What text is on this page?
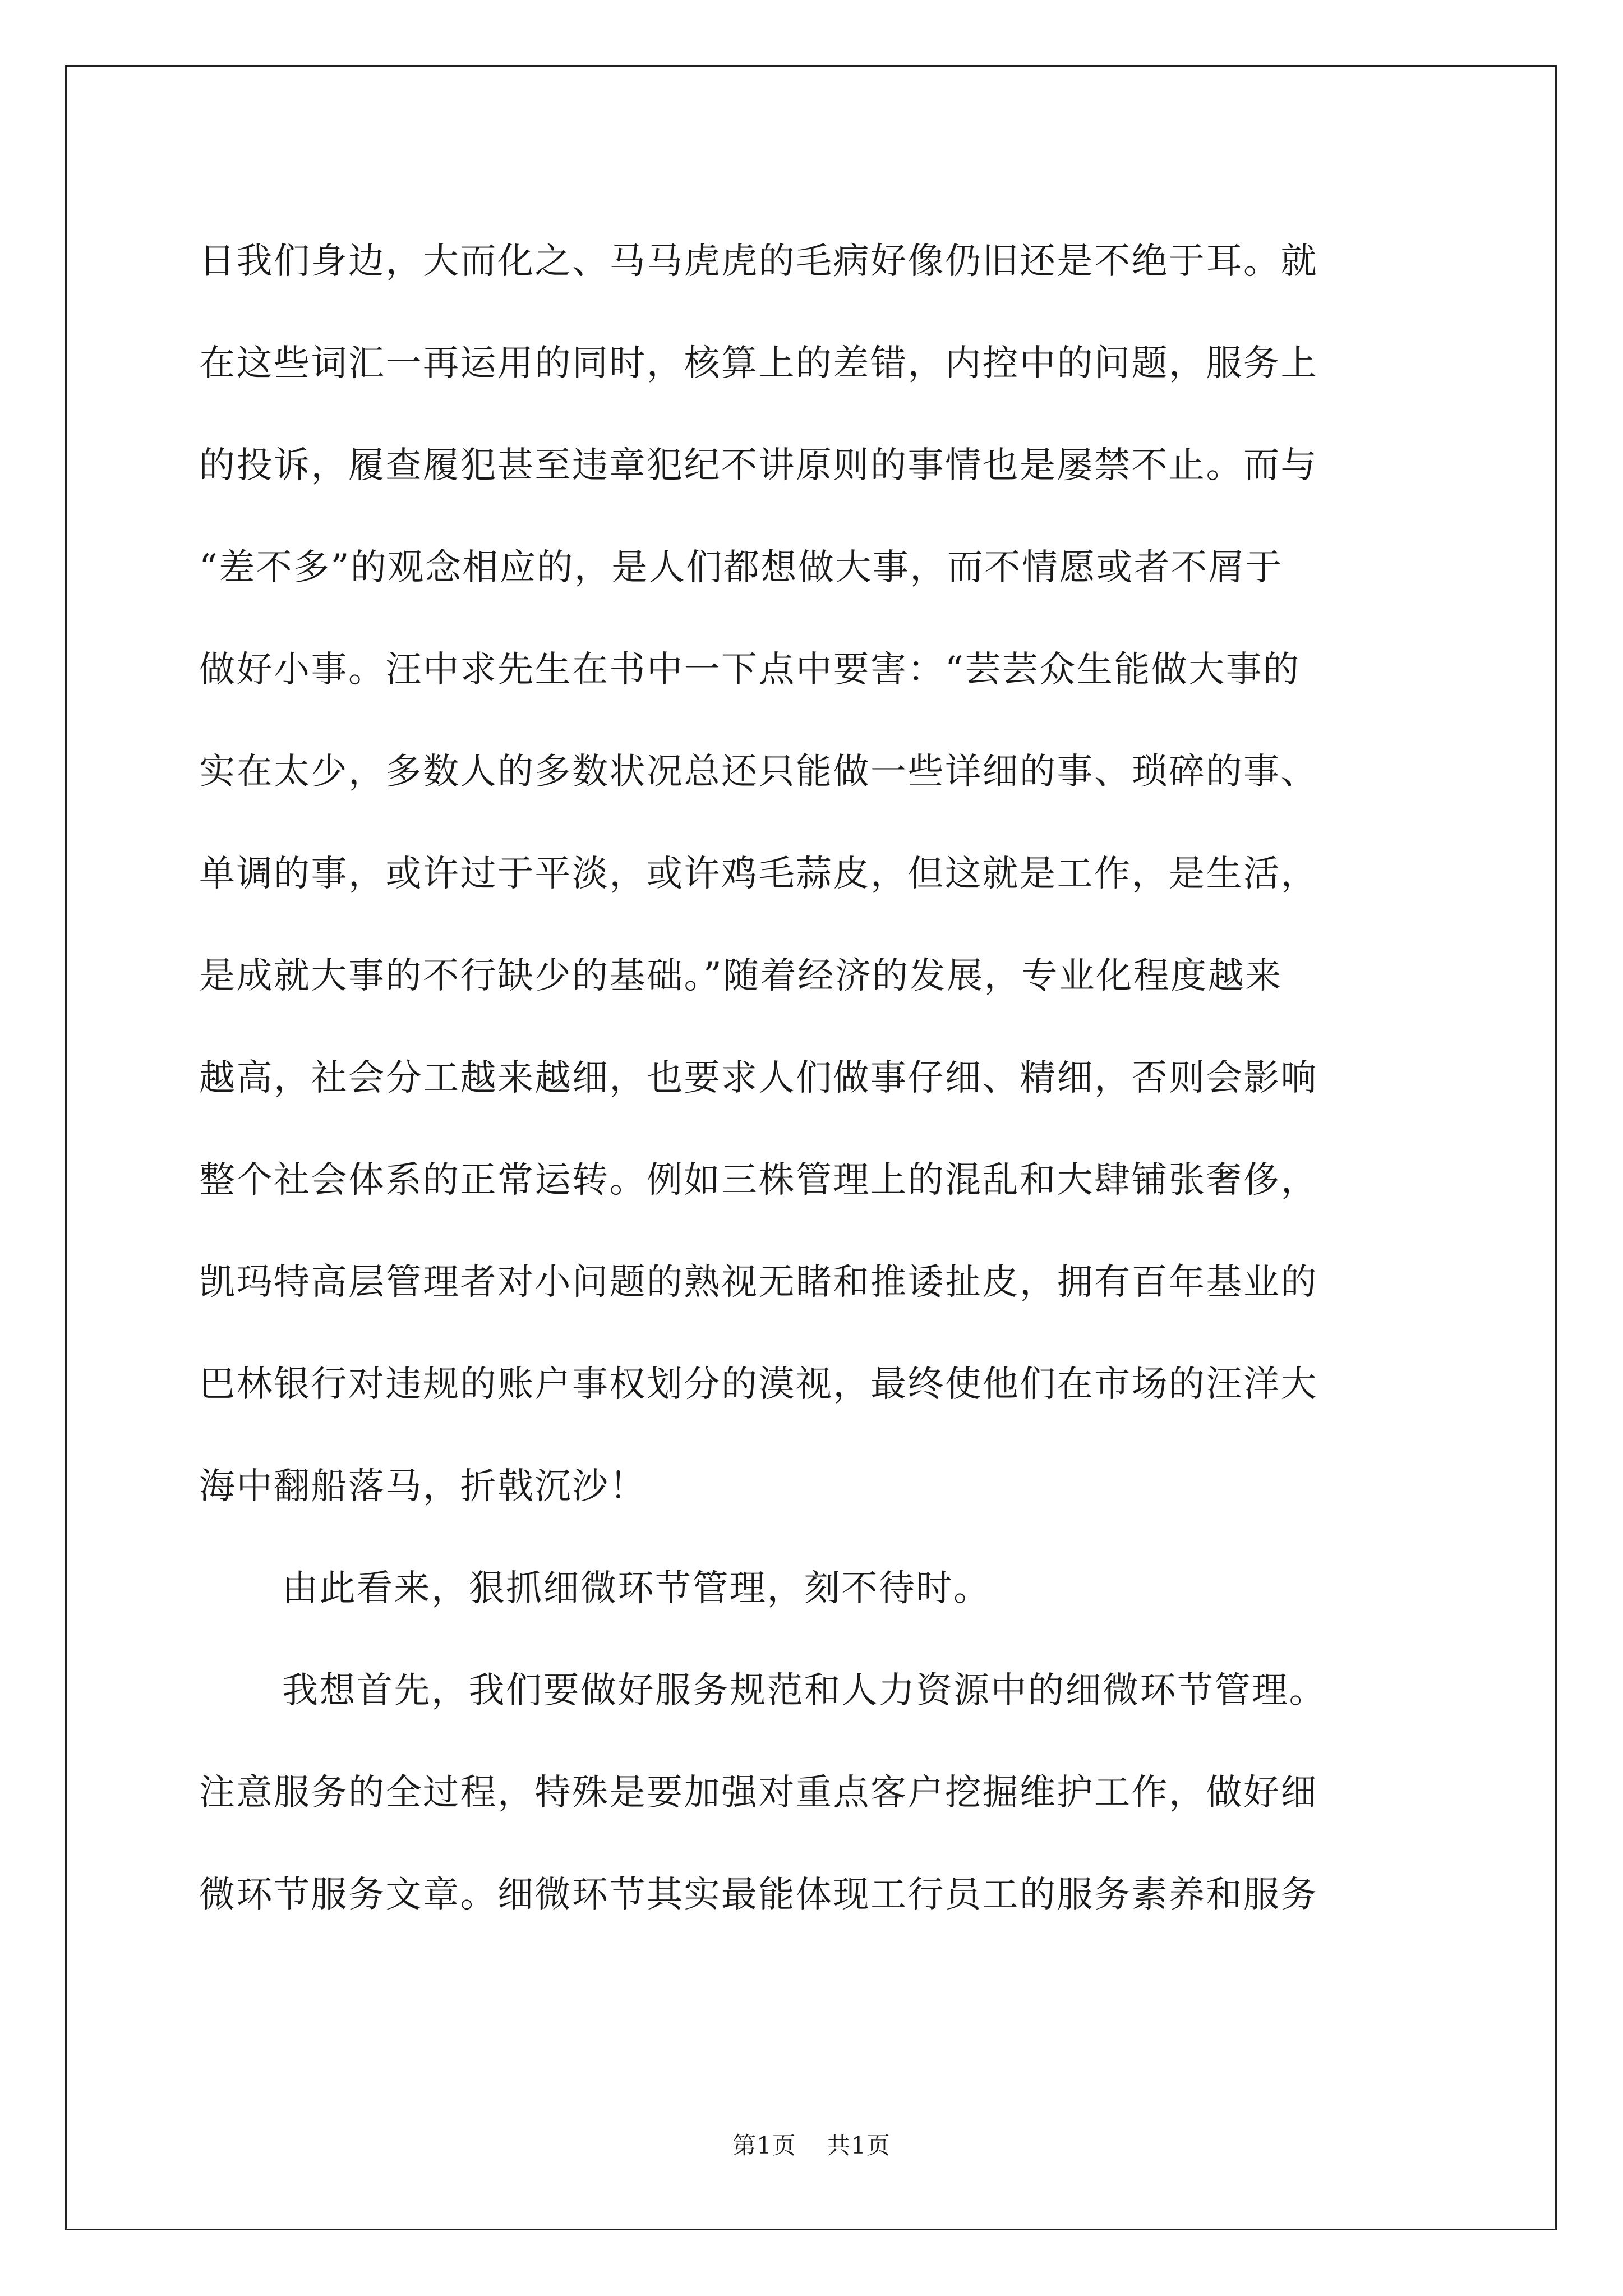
日我们身边，大而化之、马马虎虎的毛病好像仍旧还是不绝于耳。就
在这些词汇一再运用的同时，核算上的差错，内控中的问题，服务上
的投诉，履查履犯甚至违章犯纪不讲原则的事情也是屡禁不止。而与
“差不多”的观念相应的，是人们都想做大事，而不情愿或者不屑于
做好小事。汪中求先生在书中一下点中要害：“芸芸众生能做大事的
实在太少，多数人的多数状况总还只能做一些详细的事、琐碎的事、
单调的事，或许过于平淡，或许鸡毛蒜皮，但这就是工作，是生活，
是成就大事的不行缺少的基础。”随着经济的发展，专业化程度越来
越高，社会分工越来越细，也要求人们做事仔细、精细，否则会影响
整个社会体系的正常运转。例如三株管理上的混乱和大肆铺张奢侈，
凯玛特高层管理者对小问题的熟视无睹和推诿扯皮，拥有百年基业的
巴林银行对违规的账户事权划分的漠视，最终使他们在市场的汪洋大
海中翻船落马，折戟沉沙！
由此看来，狠抓细微环节管理，刻不待时。
我想首先，我们要做好服务规范和人力资源中的细微环节管理。
注意服务的全过程，特殊是要加强对重点客户挖掘维护工作，做好细
微环节服务文章。细微环节其实最能体现工行员工的服务素养和服务
第1页 共1页
